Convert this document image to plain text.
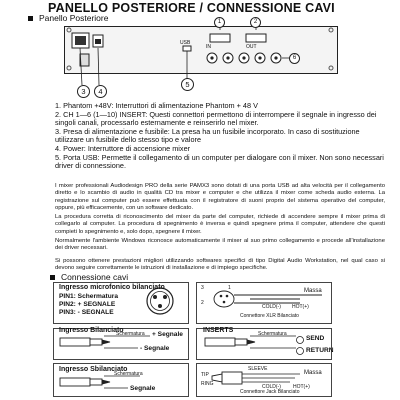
PANELLO POSTERIORE / CONNESSIONE CAVI
Panello Posteriore
3	4
5
1	2
6
IN	OUT
USB
1. Phantom +48V: Interruttori di alimentazione Phantom + 48 V
2. CH 1—6 (1—10) INSERT: Questi connettori permettono di interrompere il segnale in ingresso dei singoli canali, processarlo esternamente e reinserirlo nel mixer.
3. Presa di alimentazione e fusibile: La presa ha un fusibile incorporato. In caso di sostituzione utilizzare un fusibile dello stesso tipo e valore
4. Power: Interruttore di accensione mixer
5. Porta USB: Permette il collegamento di un computer per dialogare con il mixer. Non sono necessari driver di connessione.
I mixer professionali Audiodesign PRO della serie PAMX3 sono dotati di una porta USB ad alta velocità per il collegamento diretto e lo scambio di audio in qualità CD tra mixer e computer e che utilizza il mixer come scheda audio esterna. La registrazione sul computer può essere effettuata con il registratore di suoni proprio del sistema operativo del computer, oppure, più efficacemente, con un software dedicato.
La procedura corretta di riconoscimento del mixer da parte del computer, richiede di accendere sempre il mixer prima di collegarlo al computer. La procedura di spegnimento è inversa e quindi spegnere prima il computer, attendere che questi compieti lo spegnimento e, solo dopo, spegnere il mixer.
Normalmente l'ambiente Windows riconosce automaticamente il mixer al suo primo collegamento e procede all'installazione dei driver necessari.
Si possono ottenere prestazioni migliori utilizzando softwares specifici di tipo Digital Audio Workstation, nel qual caso si devono seguire correttamente le istruzioni di installazione e di impiego specifiche.
Connessione cavi
Ingresso microfonico bilanciato
PIN1: Schermatura
PIN2: + SEGNALE
PIN3: - SEGNALE
3
2
1	Massa
COLD(-) HOT(+)
Connettore XLR Bilanciato
Ingresso Bilanciato
Schermatura + Segnale
- Segnale
INSERTS	Schermatura
SEND
RETURN
Ingresso Sbilanciato
Schermatura
Segnale
TIP
RING
SLEEVE
Massa
COLD(-) HOT(+)
Connettore Jack Bilanciato
